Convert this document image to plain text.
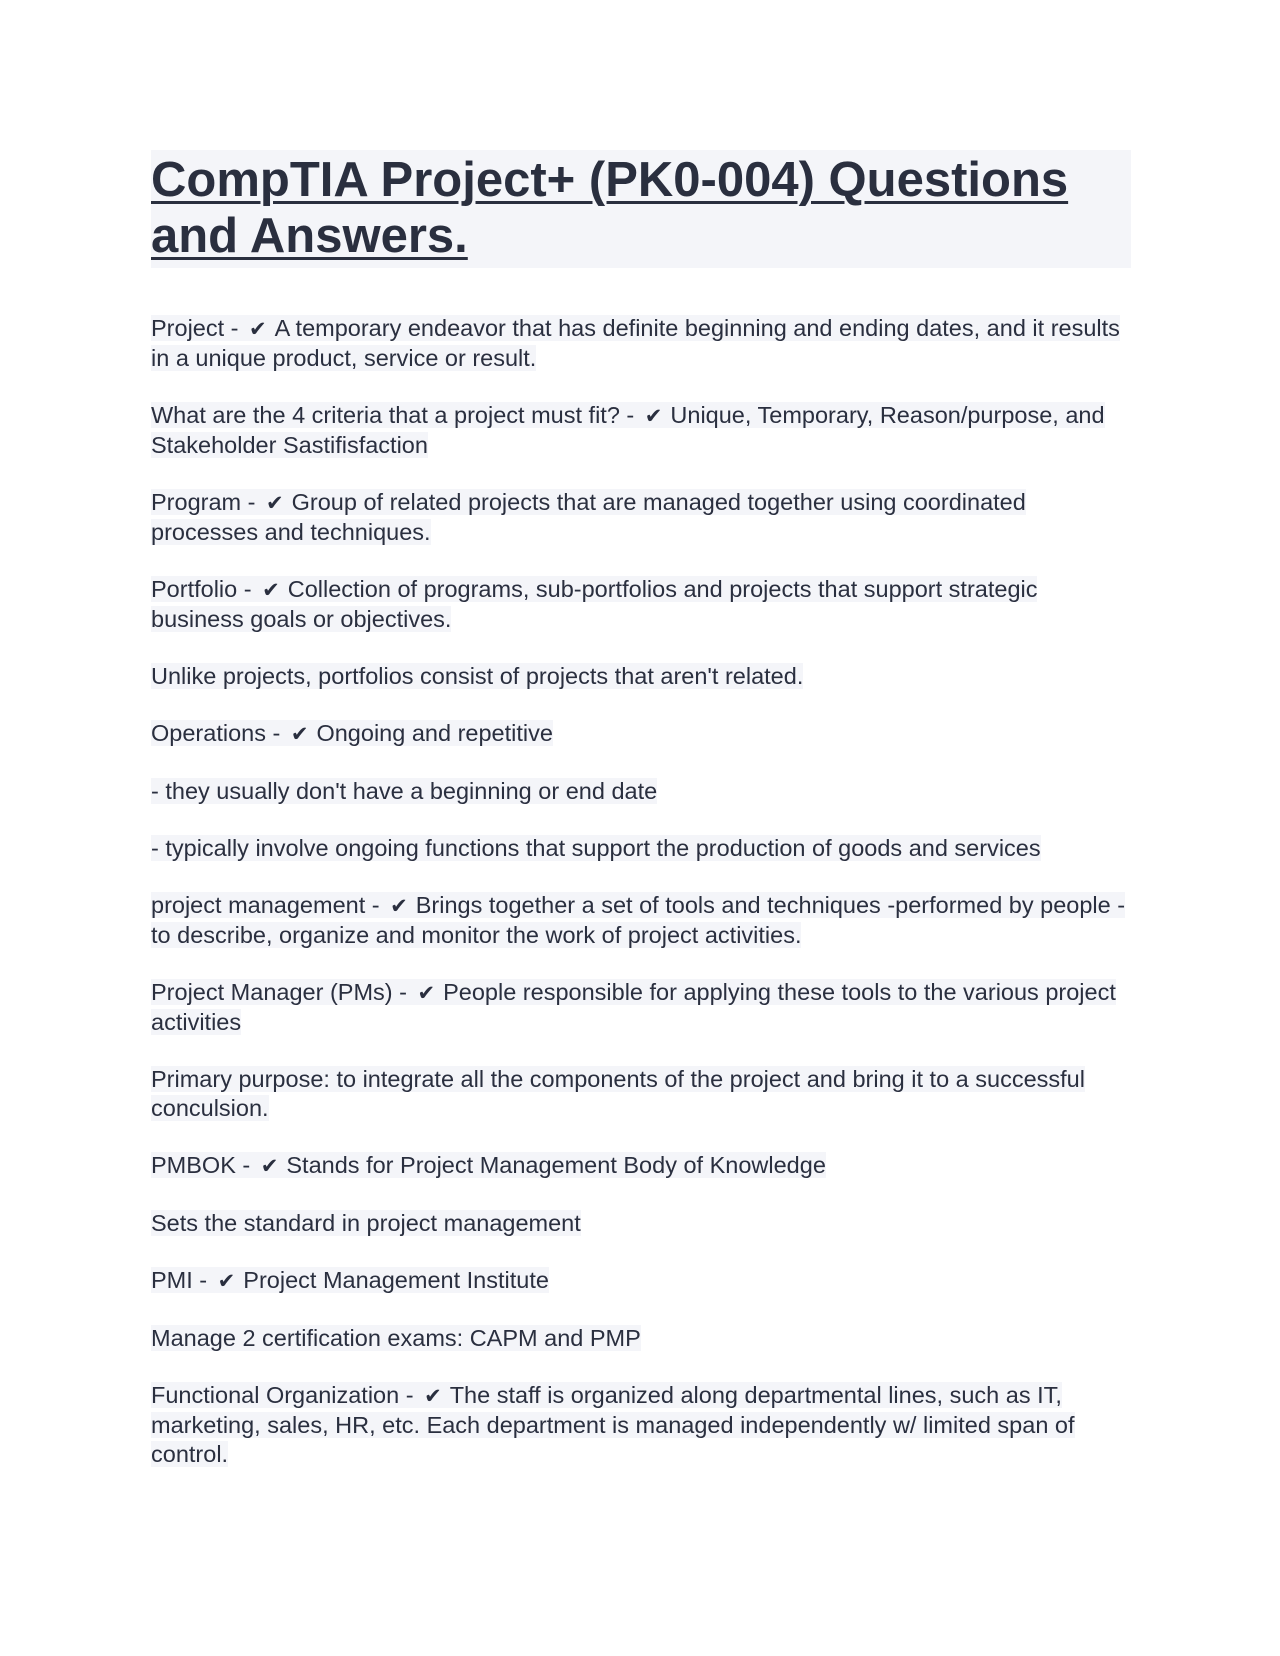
CompTIA Project+ (PK0-004) Questions and Answers.

Project - ✔ A temporary endeavor that has definite beginning and ending dates, and it results in a unique product, service or result.

What are the 4 criteria that a project must fit? - ✔ Unique, Temporary, Reason/purpose, and Stakeholder Sastifisfaction

Program - ✔ Group of related projects that are managed together using coordinated processes and techniques.

Portfolio - ✔ Collection of programs, sub-portfolios and projects that support strategic business goals or objectives.

Unlike projects, portfolios consist of projects that aren't related.

Operations - ✔ Ongoing and repetitive

- they usually don't have a beginning or end date

- typically involve ongoing functions that support the production of goods and services

project management - ✔ Brings together a set of tools and techniques -performed by people -to describe, organize and monitor the work of project activities.

Project Manager (PMs) - ✔ People responsible for applying these tools to the various project activities

Primary purpose: to integrate all the components of the project and bring it to a successful conculsion.

PMBOK - ✔ Stands for Project Management Body of Knowledge

Sets the standard in project management

PMI - ✔ Project Management Institute

Manage 2 certification exams: CAPM and PMP

Functional Organization - ✔ The staff is organized along departmental lines, such as IT, marketing, sales, HR, etc. Each department is managed independently w/ limited span of control.
